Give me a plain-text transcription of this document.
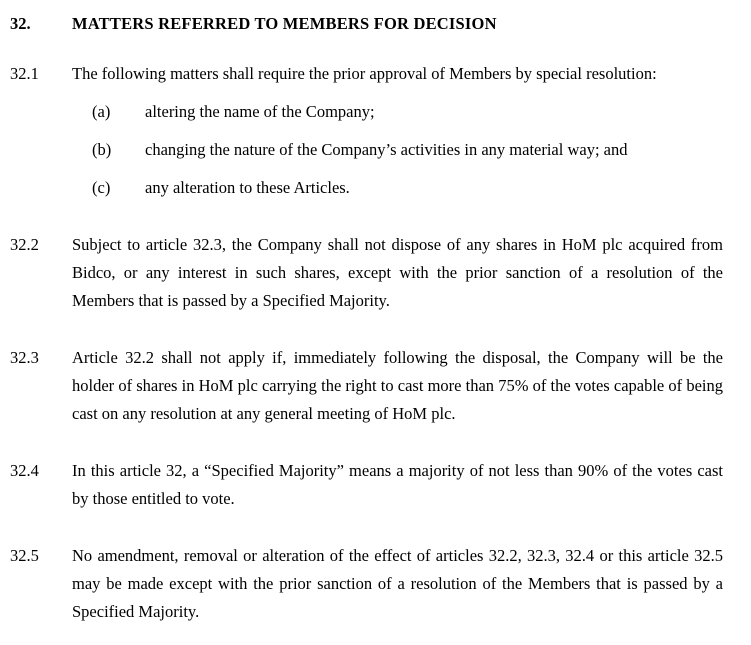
32.	MATTERS REFERRED TO MEMBERS FOR DECISION
32.1	The following matters shall require the prior approval of Members by special resolution:

(a)	altering the name of the Company;
(b)	changing the nature of the Company’s activities in any material way; and
(c)	any alteration to these Articles.
32.2	Subject to article 32.3, the Company shall not dispose of any shares in HoM plc acquired from Bidco, or any interest in such shares, except with the prior sanction of a resolution of the Members that is passed by a Specified Majority.

32.3	Article 32.2 shall not apply if, immediately following the disposal, the Company will be the holder of shares in HoM plc carrying the right to cast more than 75% of the votes capable of being cast on any resolution at any general meeting of HoM plc.

32.4	In this article 32, a “Specified Majority” means a majority of not less than 90% of the votes cast by those entitled to vote.

32.5	No amendment, removal or alteration of the effect of articles 32.2, 32.3, 32.4 or this article 32.5 may be made except with the prior sanction of a resolution of the Members that is passed by a Specified Majority.
